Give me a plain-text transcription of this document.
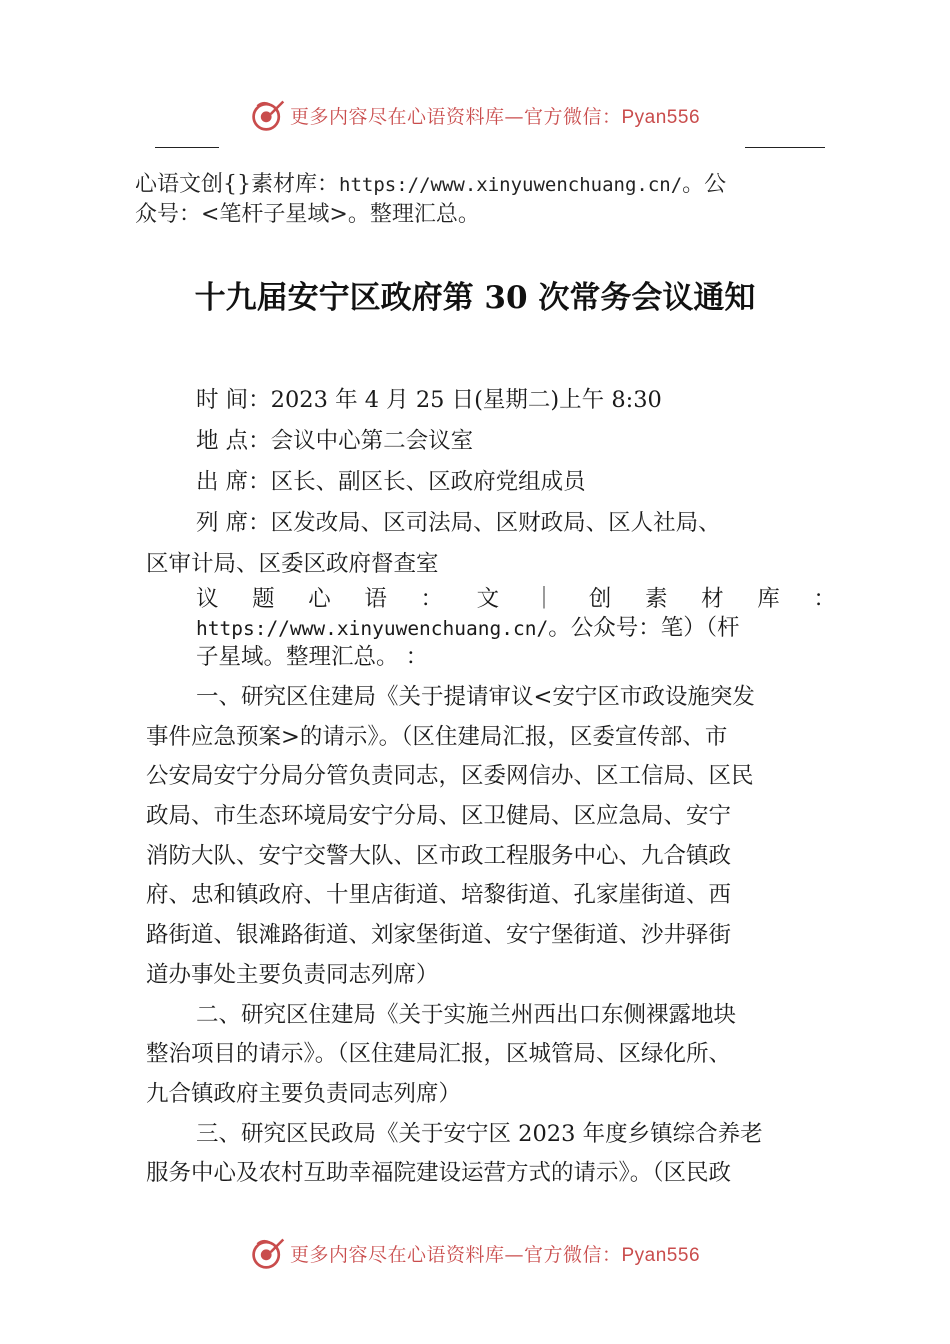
更多内容尽在心语资料库—官方微信：Pyan556
心语文创{}素材库：https://www.xinyuwenchuang.cn/。公
众号：<笔杆子星域>。整理汇总。
十九届安宁区政府第 30 次常务会议通知
时 间：2023 年 4 月 25 日(星期二)上午 8:30
地 点：会议中心第二会议室
出 席：区长、副区长、区政府党组成员
列 席：区发改局、区司法局、区财政局、区人社局、
区审计局、区委区政府督查室
议 题 心 语 ： 文 ｜ 创 素 材 库 ：
https://www.xinyuwenchuang.cn/。公众号：笔）（杆
子星域。整理汇总。 ：
一、研究区住建局《关于提请审议<安宁区市政设施突发
事件应急预案>的请示》。（区住建局汇报，区委宣传部、市
公安局安宁分局分管负责同志，区委网信办、区工信局、区民
政局、市生态环境局安宁分局、区卫健局、区应急局、安宁
消防大队、安宁交警大队、区市政工程服务中心、九合镇政
府、忠和镇政府、十里店街道、培黎街道、孔家崖街道、西
路街道、银滩路街道、刘家堡街道、安宁堡街道、沙井驿街
道办事处主要负责同志列席）
二、研究区住建局《关于实施兰州西出口东侧裸露地块
整治项目的请示》。（区住建局汇报，区城管局、区绿化所、
九合镇政府主要负责同志列席）
三、研究区民政局《关于安宁区 2023 年度乡镇综合养老
服务中心及农村互助幸福院建设运营方式的请示》。（区民政
更多内容尽在心语资料库—官方微信：Pyan556
